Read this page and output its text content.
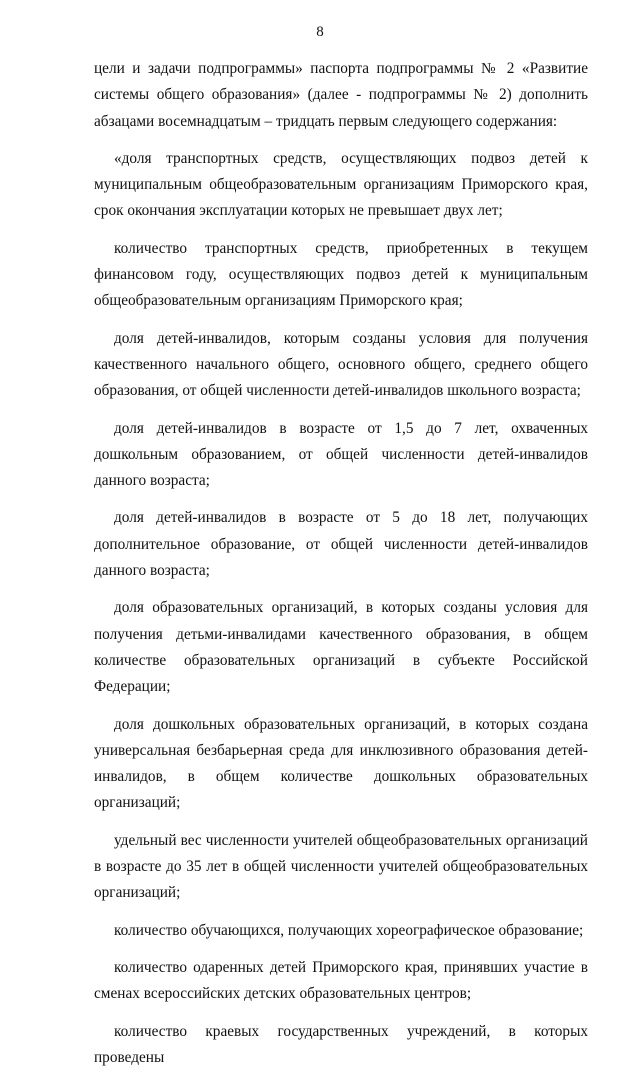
8

цели и задачи подпрограммы» паспорта подпрограммы № 2 «Развитие системы общего образования» (далее - подпрограммы № 2) дополнить абзацами восемнадцатым – тридцать первым следующего содержания:

«доля транспортных средств, осуществляющих подвоз детей к муниципальным общеобразовательным организациям Приморского края, срок окончания эксплуатации которых не превышает двух лет;

количество транспортных средств, приобретенных в текущем финансовом году, осуществляющих подвоз детей к муниципальным общеобразовательным организациям Приморского края;

доля детей-инвалидов, которым созданы условия для получения качественного начального общего, основного общего, среднего общего образования, от общей численности детей-инвалидов школьного возраста;

доля детей-инвалидов в возрасте от 1,5 до 7 лет, охваченных дошкольным образованием, от общей численности детей-инвалидов данного возраста;

доля детей-инвалидов в возрасте от 5 до 18 лет, получающих дополнительное образование, от общей численности детей-инвалидов данного возраста;

доля образовательных организаций, в которых созданы условия для получения детьми-инвалидами качественного образования, в общем количестве образовательных организаций в субъекте Российской Федерации;

доля дошкольных образовательных организаций, в которых создана универсальная безбарьерная среда для инклюзивного образования детей-инвалидов, в общем количестве дошкольных образовательных организаций;

удельный вес численности учителей общеобразовательных организаций в возрасте до 35 лет в общей численности учителей общеобразовательных организаций;

количество обучающихся, получающих хореографическое образование;

количество одаренных детей Приморского края, принявших участие в сменах всероссийских детских образовательных центров;

количество краевых государственных учреждений, в которых проведены
